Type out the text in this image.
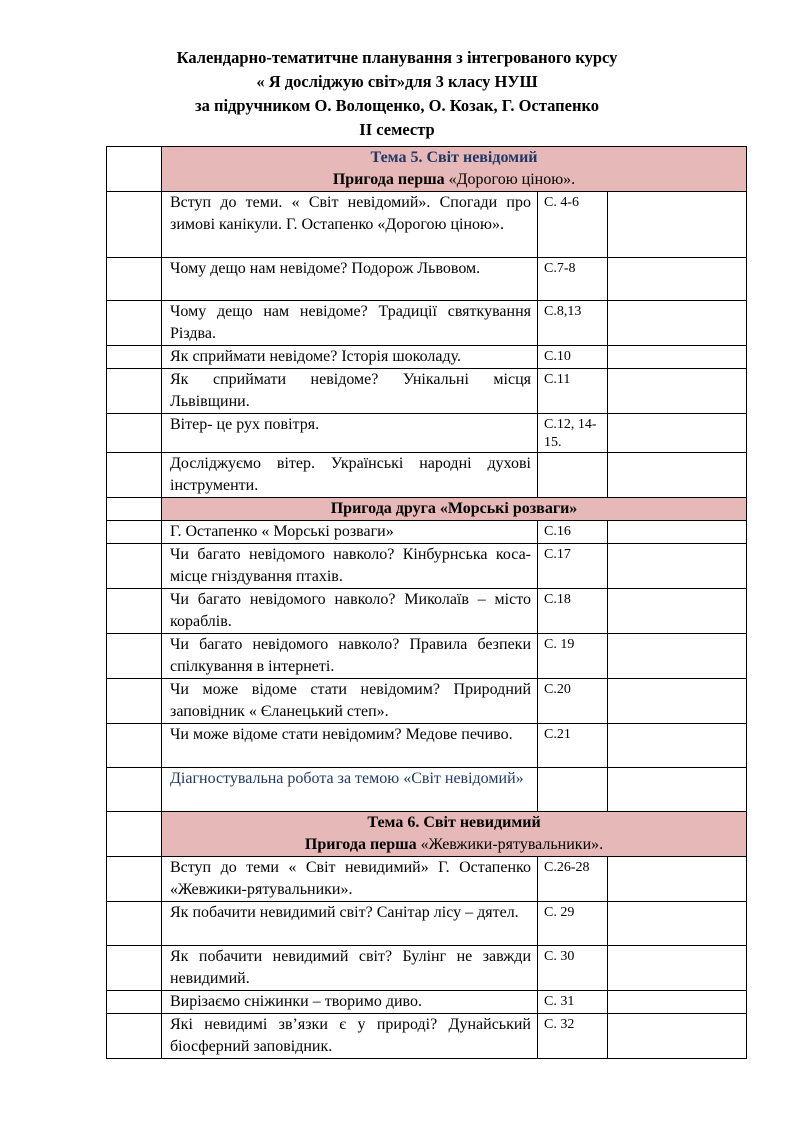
Календарно-тематитчне планування з інтегрованого курсу
« Я досліджую світ»для 3 класу НУШ
за підручником О. Волощенко, О. Козак, Г. Остапенко
ІІ семестр

	Тема 5. Світ невідомий
Пригода перша «Дорогою ціною».		

	Вступ до теми. « Світ невідомий». Спогади про зимові канікули. Г. Остапенко «Дорогою ціною».	С. 4-6	
	Чому дещо нам невідоме? Подорож Львовом.	С.7-8	
	Чому дещо нам невідоме? Традиції святкування Різдва.	С.8,13	
	Як сприймати невідоме? Історія шоколаду.	С.10	
	Як сприймати невідоме? Унікальні місця Львівщини.	С.11	
	Вітер- це рух повітря.	С.12, 14-15.	
	Досліджуємо вітер. Українські народні духові інструменти.		
	Пригода друга «Морські розваги»		
	Г. Остапенко « Морські розваги»	С.16	
	Чи багато невідомого навколо? Кінбурнська коса- місце гніздування птахів.	С.17	
	Чи багато невідомого навколо? Миколаїв – місто кораблів.	С.18	
	Чи багато невідомого навколо? Правила безпеки спілкування в інтернеті.	С. 19	
	Чи може відоме стати невідомим? Природний заповідник « Єланецький степ».	С.20	
	Чи може відоме стати невідомим? Медове печиво.	С.21	
	Діагностувальна робота за темою «Світ невідомий»		

	Тема 6. Світ невидимий
Пригода перша «Жевжики-рятувальники».		

	Вступ до теми « Світ невидимий» Г. Остапенко «Жевжики-рятувальники».	С.26-28	
	Як побачити невидимий світ? Санітар лісу – дятел.	С. 29	
	Як побачити невидимий світ? Булінг не завжди невидимий.	С. 30	
	Вирізаємо сніжинки – творимо диво.	С. 31	
	Які невидимі зв’язки є у природі? Дунайський біосферний заповідник.	С. 32	
